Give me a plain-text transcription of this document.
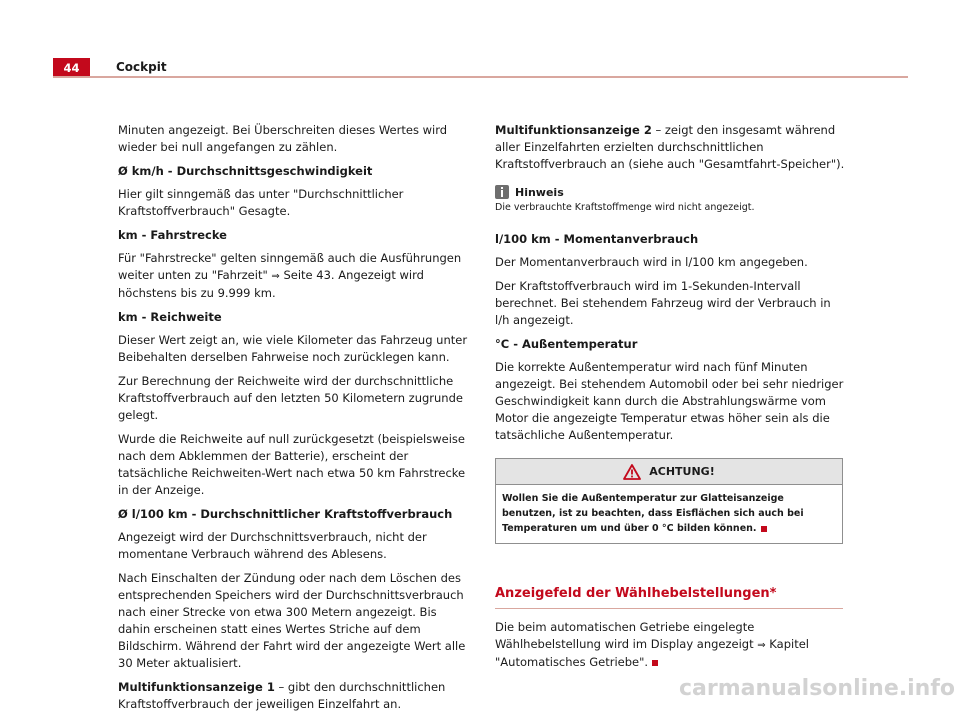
44	Cockpit

Minuten angezeigt. Bei Überschreiten dieses Wertes wird wieder bei null angefangen zu zählen.

Ø km/h - Durchschnittsgeschwindigkeit

Hier gilt sinngemäß das unter "Durchschnittlicher Kraftstoffverbrauch" Gesagte.

km - Fahrstrecke

Für "Fahrstrecke" gelten sinngemäß auch die Ausführungen weiter unten zu "Fahrzeit" ⇒ Seite 43. Angezeigt wird höchstens bis zu 9.999 km.

km - Reichweite

Dieser Wert zeigt an, wie viele Kilometer das Fahrzeug unter Beibehalten derselben Fahrweise noch zurücklegen kann.

Zur Berechnung der Reichweite wird der durchschnittliche Kraftstoffverbrauch auf den letzten 50 Kilometern zugrunde gelegt.

Wurde die Reichweite auf null zurückgesetzt (beispielsweise nach dem Abklemmen der Batterie), erscheint der tatsächliche Reichweiten-Wert nach etwa 50 km Fahrstrecke in der Anzeige.

Ø l/100 km - Durchschnittlicher Kraftstoffverbrauch

Angezeigt wird der Durchschnittsverbrauch, nicht der momentane Verbrauch während des Ablesens.

Nach Einschalten der Zündung oder nach dem Löschen des entsprechenden Speichers wird der Durchschnittsverbrauch nach einer Strecke von etwa 300 Metern angezeigt. Bis dahin erscheinen statt eines Wertes Striche auf dem Bildschirm. Während der Fahrt wird der angezeigte Wert alle 30 Meter aktualisiert.

Multifunktionsanzeige 1 – gibt den durchschnittlichen Kraftstoffverbrauch der jeweiligen Einzelfahrt an.

Multifunktionsanzeige 2 – zeigt den insgesamt während aller Einzelfahrten erzielten durchschnittlichen Kraftstoffverbrauch an (siehe auch "Gesamtfahrt-Speicher").

Hinweis

Die verbrauchte Kraftstoffmenge wird nicht angezeigt.

l/100 km - Momentanverbrauch

Der Momentanverbrauch wird in l/100 km angegeben.

Der Kraftstoffverbrauch wird im 1-Sekunden-Intervall berechnet. Bei stehendem Fahrzeug wird der Verbrauch in l/h angezeigt.

°C - Außentemperatur

Die korrekte Außentemperatur wird nach fünf Minuten angezeigt. Bei stehendem Automobil oder bei sehr niedriger Geschwindigkeit kann durch die Abstrahlungswärme vom Motor die angezeigte Temperatur etwas höher sein als die tatsächliche Außentemperatur.

ACHTUNG!
Wollen Sie die Außentemperatur zur Glatteisanzeige benutzen, ist zu beachten, dass Eisflächen sich auch bei Temperaturen um und über 0 °C bilden können.
Anzeigefeld der Wählhebelstellungen*

Die beim automatischen Getriebe eingelegte Wählhebelstellung wird im Display angezeigt ⇒ Kapitel "Automatisches Getriebe".

carmanualsonline.info
